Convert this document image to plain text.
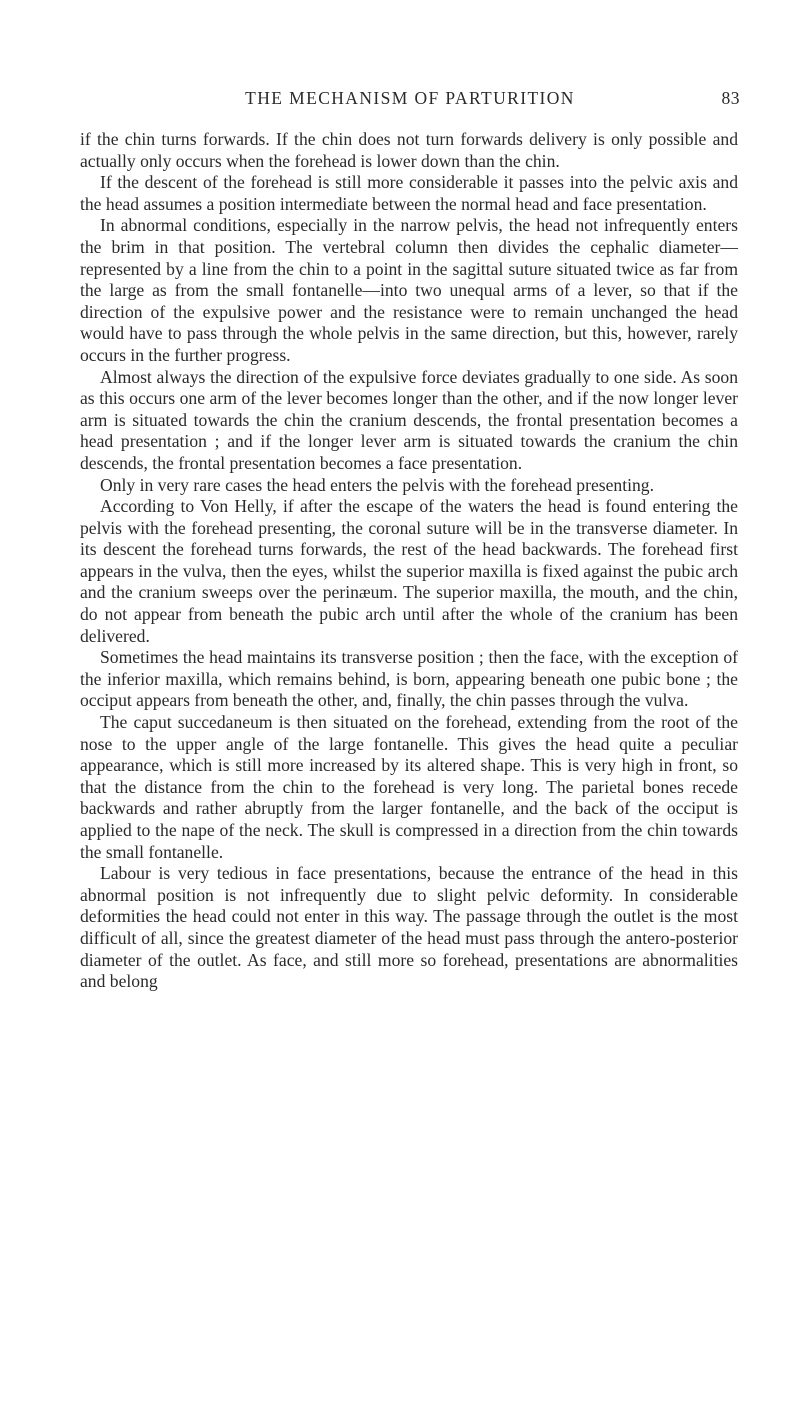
THE MECHANISM OF PARTURITION	83

if the chin turns forwards. If the chin does not turn forwards delivery is only possible and actually only occurs when the forehead is lower down than the chin.

If the descent of the forehead is still more considerable it passes into the pelvic axis and the head assumes a position intermediate between the normal head and face presentation.

In abnormal conditions, especially in the narrow pelvis, the head not infrequently enters the brim in that position. The vertebral column then divides the cephalic diameter—represented by a line from the chin to a point in the sagittal suture situated twice as far from the large as from the small fontanelle—into two unequal arms of a lever, so that if the direction of the expulsive power and the resistance were to remain unchanged the head would have to pass through the whole pelvis in the same direction, but this, however, rarely occurs in the further progress.

Almost always the direction of the expulsive force deviates gradually to one side. As soon as this occurs one arm of the lever becomes longer than the other, and if the now longer lever arm is situated towards the chin the cranium descends, the frontal presentation becomes a head presentation ; and if the longer lever arm is situated towards the cranium the chin descends, the frontal presentation becomes a face presentation.

Only in very rare cases the head enters the pelvis with the forehead presenting.

According to Von Helly, if after the escape of the waters the head is found entering the pelvis with the forehead presenting, the coronal suture will be in the transverse diameter. In its descent the forehead turns forwards, the rest of the head backwards. The forehead first appears in the vulva, then the eyes, whilst the superior maxilla is fixed against the pubic arch and the cranium sweeps over the perinæum. The superior maxilla, the mouth, and the chin, do not appear from beneath the pubic arch until after the whole of the cranium has been delivered.

Sometimes the head maintains its transverse position ; then the face, with the exception of the inferior maxilla, which remains behind, is born, appearing beneath one pubic bone ; the occiput appears from beneath the other, and, finally, the chin passes through the vulva.

The caput succedaneum is then situated on the forehead, extending from the root of the nose to the upper angle of the large fontanelle. This gives the head quite a peculiar appearance, which is still more increased by its altered shape. This is very high in front, so that the distance from the chin to the forehead is very long. The parietal bones recede backwards and rather abruptly from the larger fontanelle, and the back of the occiput is applied to the nape of the neck. The skull is compressed in a direction from the chin towards the small fontanelle.

Labour is very tedious in face presentations, because the entrance of the head in this abnormal position is not infrequently due to slight pelvic deformity. In considerable deformities the head could not enter in this way. The passage through the outlet is the most difficult of all, since the greatest diameter of the head must pass through the antero-posterior diameter of the outlet. As face, and still more so forehead, presentations are abnormalities and belong
